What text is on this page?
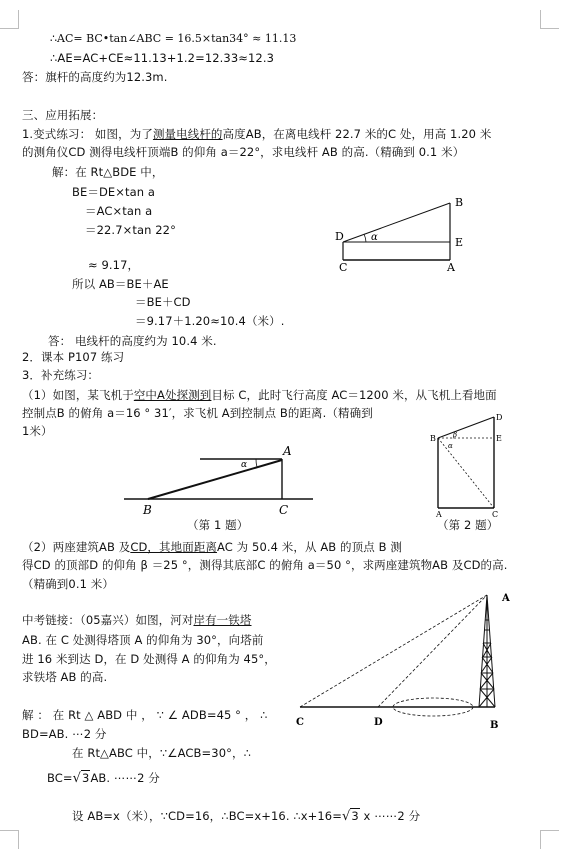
∴AC= BC•tan∠ABC = 16.5×tan34° ≈ 11.13
∴AE=AC+CE≈11.13+1.2=12.33≈12.3
答：旗杆的高度约为12.3m.
三、应用拓展：
1.变式练习： 如图，为了测量电线杆的高度AB，在离电线杆 22.7 米的C 处，用高 1.20 米
的测角仪CD 测得电线杆顶端B 的仰角 a＝22°，求电线杆 AB 的高.（精确到 0.1 米）
解：在 Rt△BDE 中，
BE＝DE×tan a
＝AC×tan a
＝22.7×tan 22°
≈ 9.17，
所以 AB＝BE＋AE
＝BE＋CD
＝9.17＋1.20≈10.4（米）.
答： 电线杆的高度约为 10.4 米.
B
E
D	α
C	A
2．课本 P107 练习
3．补充练习：
（1）如图，某飞机于空中A处探测到目标 C，此时飞行高度 AC＝1200 米，从飞机上看地面
控制点B 的俯角 a＝16 ° 31′，求飞机 A到控制点 B的距离.（精确到
1米）
A
α
B	C
（第 1 题）
B
D
E
β
α
A	C
（第 2 题）
（2）两座建筑AB 及CD，其地面距离AC 为 50.4 米，从 AB 的顶点 B 测
得CD 的顶部D 的仰角 β ＝25 °，测得其底部C 的俯角 a＝50 °，求两座建筑物AB 及CD的高.
（精确到0.1 米）
中考链接：（05嘉兴）如图，河对岸有一铁塔
AB. 在 C 处测得塔顶 A 的仰角为 30°，向塔前
进 16 米到达 D，在 D 处测得 A 的仰角为 45°，
求铁塔 AB 的高.
A
C	D	B
解 ： 在 Rt △ ABD 中 ， ∵ ∠ ADB=45 ° ， ∴
BD=AB. ⋯2 分
在 Rt△ABC 中，∵∠ACB=30°，∴
BC=√3AB. ⋯⋯2 分
设 AB=x（米），∵CD=16，∴BC=x+16. ∴x+16=√3 x ⋯⋯2 分
